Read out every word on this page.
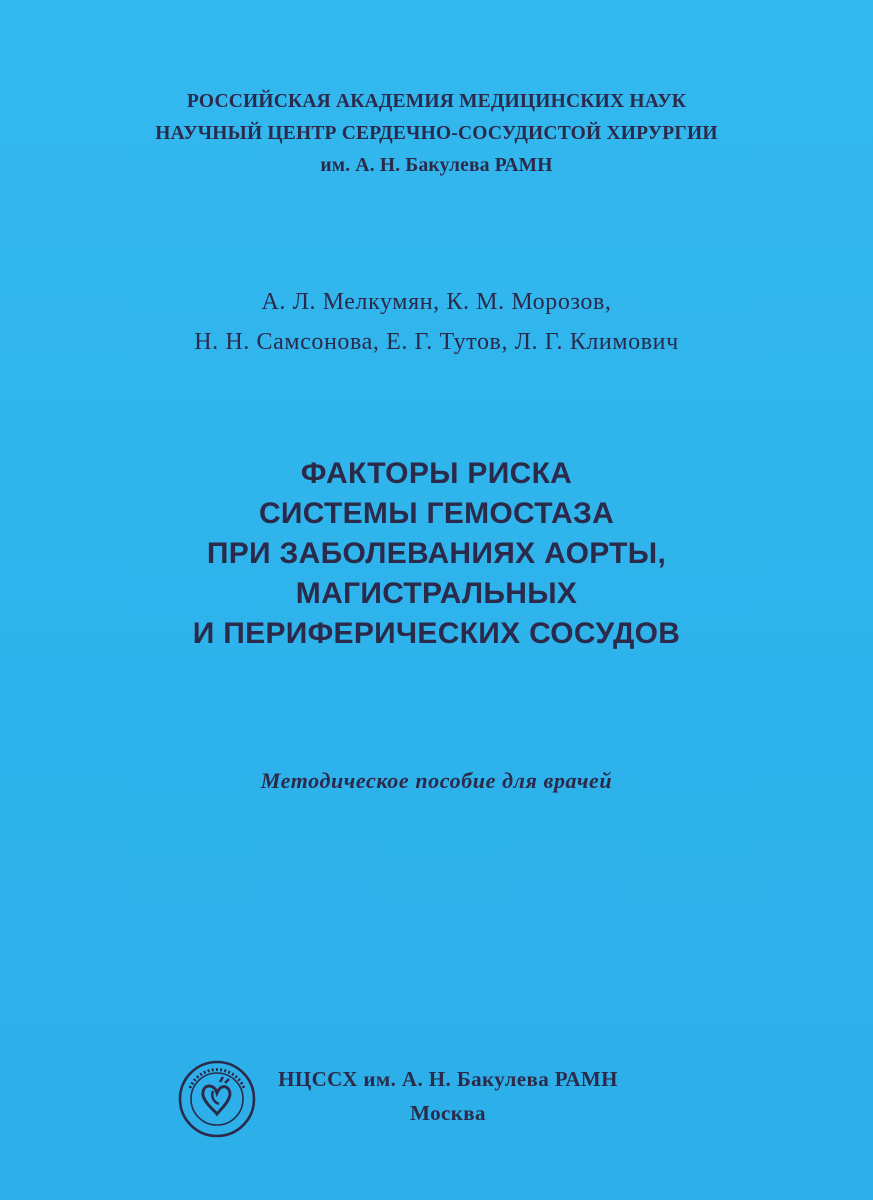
РОССИЙСКАЯ АКАДЕМИЯ МЕДИЦИНСКИХ НАУК
НАУЧНЫЙ ЦЕНТР СЕРДЕЧНО-СОСУДИСТОЙ ХИРУРГИИ
им. А. Н. Бакулева РАМН
А. Л. Мелкумян, К. М. Морозов,
Н. Н. Самсонова, Е. Г. Тутов, Л. Г. Климович
ФАКТОРЫ РИСКА
СИСТЕМЫ ГЕМОСТАЗА
ПРИ ЗАБОЛЕВАНИЯХ АОРТЫ,
МАГИСТРАЛЬНЫХ
И ПЕРИФЕРИЧЕСКИХ СОСУДОВ
Методическое пособие для врачей
НЦССХ им. А. Н. Бакулева РАМН
Москва
